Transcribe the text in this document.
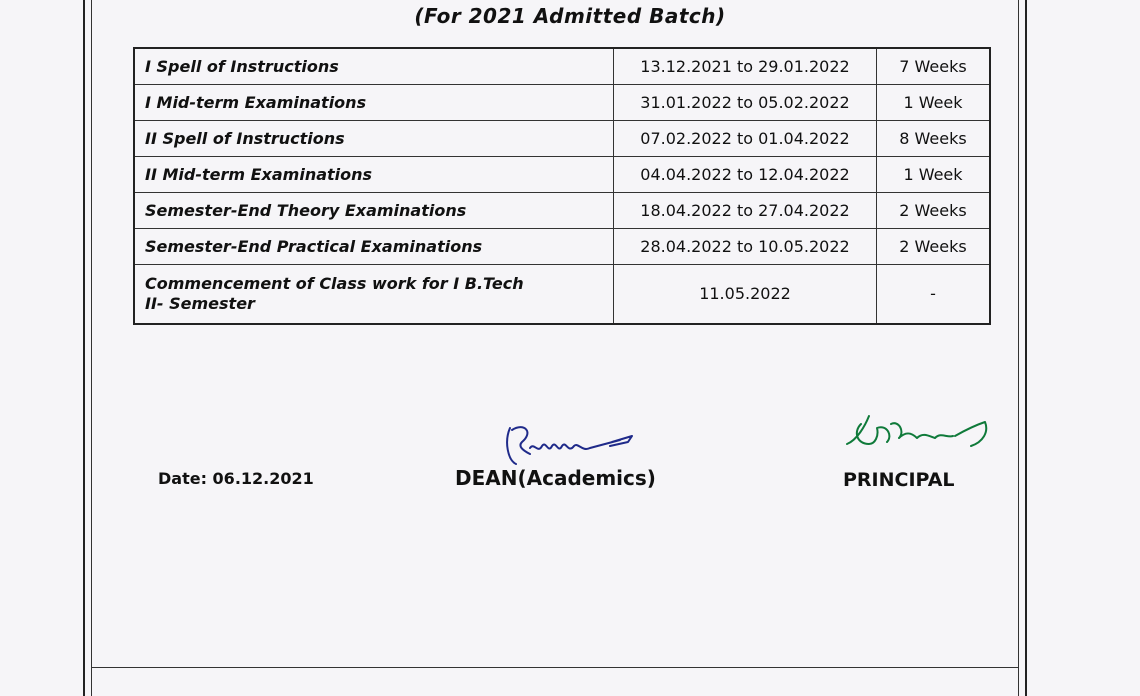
(For 2021 Admitted Batch)
I Spell of Instructions	13.12.2021 to 29.01.2022	7 Weeks
I Mid-term Examinations	31.01.2022 to 05.02.2022	1 Week
II Spell of Instructions	07.02.2022 to 01.04.2022	8 Weeks
II Mid-term Examinations	04.04.2022 to 12.04.2022	1 Week
Semester-End Theory Examinations	18.04.2022 to 27.04.2022	2 Weeks
Semester-End Practical Examinations	28.04.2022 to 10.05.2022	2 Weeks
Commencement of Class work for I B.Tech
II- Semester	11.05.2022	-
Date: 06.12.2021	DEAN(Academics)	PRINCIPAL
